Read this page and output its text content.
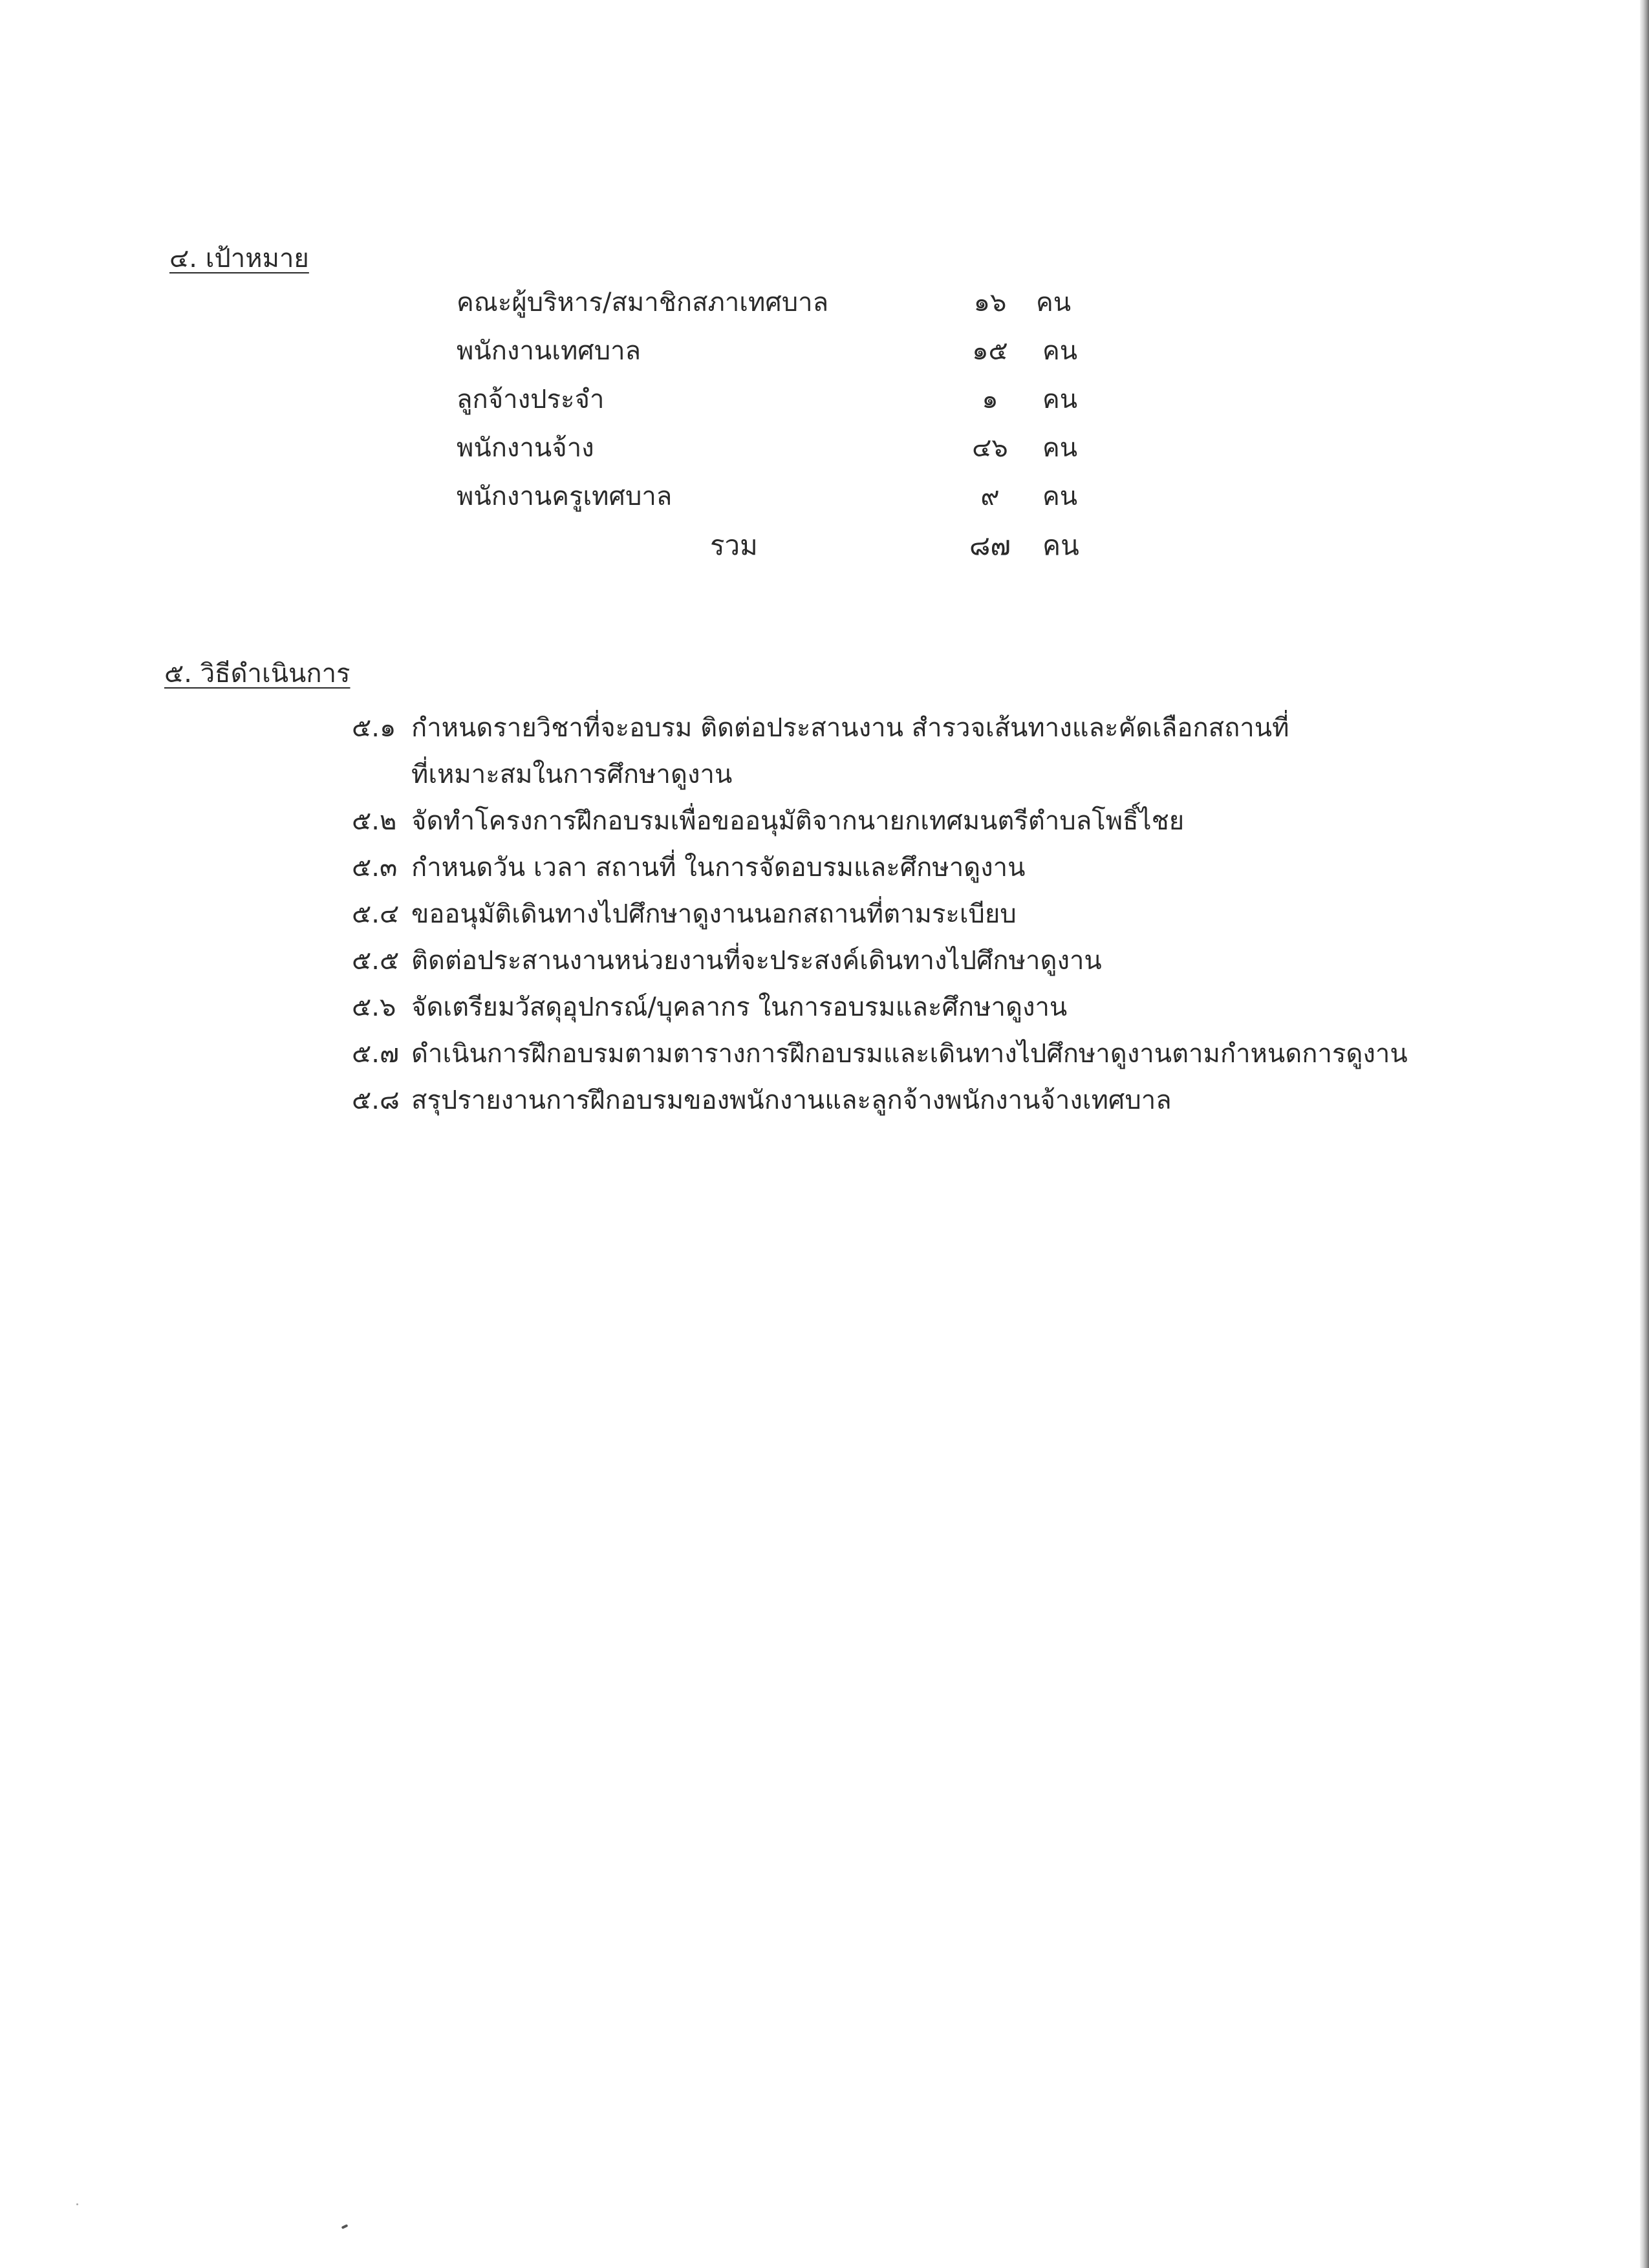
๔. เป้าหมาย
คณะผู้บริหาร/สมาชิกสภาเทศบาล	๑๖	คน
พนักงานเทศบาล	๑๕	คน
ลูกจ้างประจำ	๑	คน
พนักงานจ้าง	๔๖	คน
พนักงานครูเทศบาล	๙	คน
รวม	๘๗	คน
๕. วิธีดำเนินการ
๕.๑ กำหนดรายวิชาที่จะอบรม ติดต่อประสานงาน สำรวจเส้นทางและคัดเลือกสถานที่
ที่เหมาะสมในการศึกษาดูงาน
๕.๒ จัดทำโครงการฝึกอบรมเพื่อขออนุมัติจากนายกเทศมนตรีตำบลโพธิ์ไชย
๕.๓ กำหนดวัน เวลา สถานที่ ในการจัดอบรมและศึกษาดูงาน
๕.๔ ขออนุมัติเดินทางไปศึกษาดูงานนอกสถานที่ตามระเบียบ
๕.๕ ติดต่อประสานงานหน่วยงานที่จะประสงค์เดินทางไปศึกษาดูงาน
๕.๖ จัดเตรียมวัสดุอุปกรณ์/บุคลากร ในการอบรมและศึกษาดูงาน
๕.๗ ดำเนินการฝึกอบรมตามตารางการฝึกอบรมและเดินทางไปศึกษาดูงานตามกำหนดการดูงาน
๕.๘ สรุปรายงานการฝึกอบรมของพนักงานและลูกจ้างพนักงานจ้างเทศบาล
